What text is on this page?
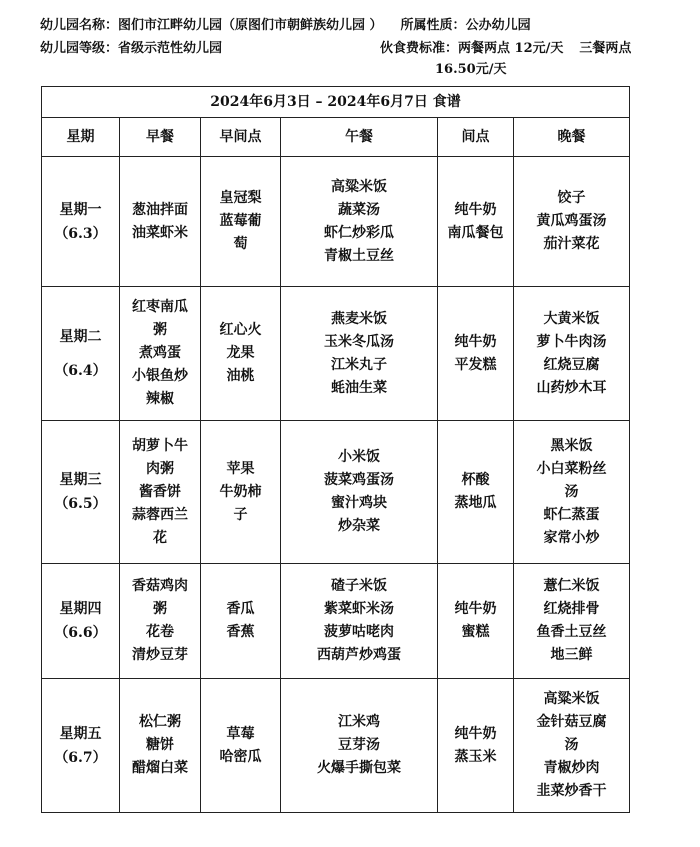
幼儿园名称：图们市江畔幼儿园（原图们市朝鲜族幼儿园 ） 所属性质：公办幼儿园
幼儿园等级：省级示范性幼儿园	伙食费标准：两餐两点 12元/天 三餐两点
16.50元/天
2024年6月3日 – 2024年6月7日 食谱					
星期	早餐	早间点	午餐	间点	晚餐

星期一
（6.3）	葱油拌面
油菜虾米	皇冠梨
蓝莓葡
萄	高粱米饭
蔬菜汤
虾仁炒彩瓜
青椒土豆丝	纯牛奶
南瓜餐包	饺子
黄瓜鸡蛋汤
茄汁菜花

星期二
（6.4）	红枣南瓜
粥
煮鸡蛋
小银鱼炒
辣椒	红心火
龙果
油桃	燕麦米饭
玉米冬瓜汤
江米丸子
蚝油生菜	纯牛奶
平发糕	大黄米饭
萝卜牛肉汤
红烧豆腐
山药炒木耳

星期三
（6.5）	胡萝卜牛
肉粥
酱香饼
蒜蓉西兰
花	苹果
牛奶柿
子	小米饭
菠菜鸡蛋汤
蜜汁鸡块
炒杂菜	杯酸
蒸地瓜	黑米饭
小白菜粉丝
汤
虾仁蒸蛋
家常小炒

星期四
（6.6）	香菇鸡肉
粥
花卷
清炒豆芽	香瓜
香蕉	碴子米饭
紫菜虾米汤
菠萝咕咾肉
西葫芦炒鸡蛋	纯牛奶
蜜糕	薏仁米饭
红烧排骨
鱼香土豆丝
地三鲜

星期五
（6.7）	松仁粥
糖饼
醋熘白菜	草莓
哈密瓜	江米鸡
豆芽汤
火爆手撕包菜	纯牛奶
蒸玉米	高粱米饭
金针菇豆腐
汤
青椒炒肉
韭菜炒香干
